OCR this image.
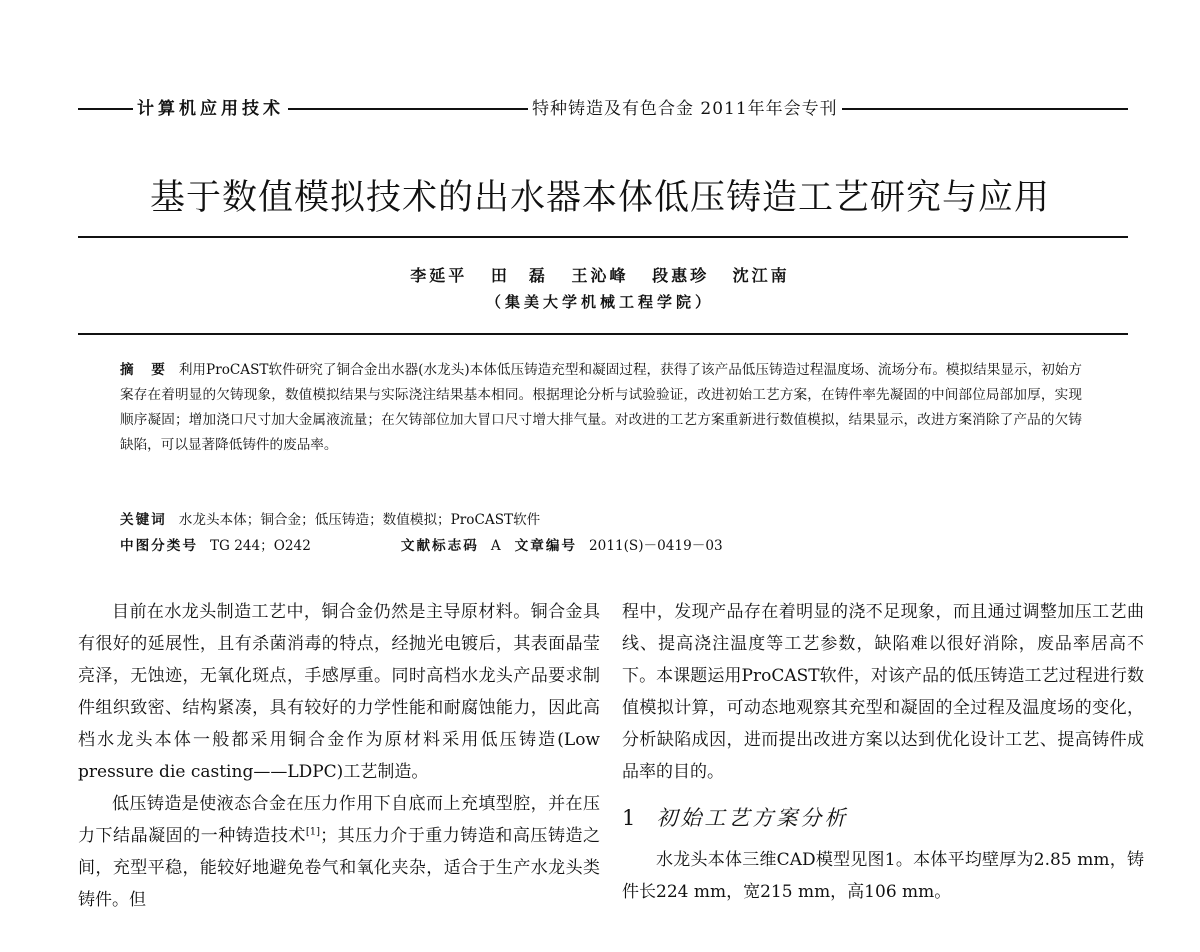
计算机应用技术	特种铸造及有色合金 2011年年会专刊
基于数值模拟技术的出水器本体低压铸造工艺研究与应用
李延平 田　磊 王沁峰 段惠珍 沈江南
（集美大学机械工程学院）

摘　要 利用ProCAST软件研究了铜合金出水器(水龙头)本体低压铸造充型和凝固过程，获得了该产品低压铸造过程温度场、流场分布。模拟结果显示，初始方案存在着明显的欠铸现象，数值模拟结果与实际浇注结果基本相同。根据理论分析与试验验证，改进初始工艺方案，在铸件率先凝固的中间部位局部加厚，实现顺序凝固；增加浇口尺寸加大金属液流量；在欠铸部位加大冒口尺寸增大排气量。对改进的工艺方案重新进行数值模拟，结果显示，改进方案消除了产品的欠铸缺陷，可以显著降低铸件的废品率。

关键词 水龙头本体；铜合金；低压铸造；数值模拟；ProCAST软件
中图分类号 TG 244；O242	文献标志码 A 文章编号 2011(S)－0419－03

目前在水龙头制造工艺中，铜合金仍然是主导原材料。铜合金具有很好的延展性，且有杀菌消毒的特点，经抛光电镀后，其表面晶莹亮泽，无蚀迹，无氧化斑点，手感厚重。同时高档水龙头产品要求制件组织致密、结构紧凑，具有较好的力学性能和耐腐蚀能力，因此高档水龙头本体一般都采用铜合金作为原材料采用低压铸造(Low pressure die casting——LDPC)工艺制造。

低压铸造是使液态合金在压力作用下自底而上充填型腔，并在压力下结晶凝固的一种铸造技术[1]；其压力介于重力铸造和高压铸造之间，充型平稳，能较好地避免卷气和氧化夹杂，适合于生产水龙头类铸件。但

程中，发现产品存在着明显的浇不足现象，而且通过调整加压工艺曲线、提高浇注温度等工艺参数，缺陷难以很好消除，废品率居高不下。本课题运用ProCAST软件，对该产品的低压铸造工艺过程进行数值模拟计算，可动态地观察其充型和凝固的全过程及温度场的变化，分析缺陷成因，进而提出改进方案以达到优化设计工艺、提高铸件成品率的目的。

1 初始工艺方案分析

水龙头本体三维CAD模型见图1。本体平均壁厚为2.85 mm，铸件长224 mm，宽215 mm，高106 mm。
